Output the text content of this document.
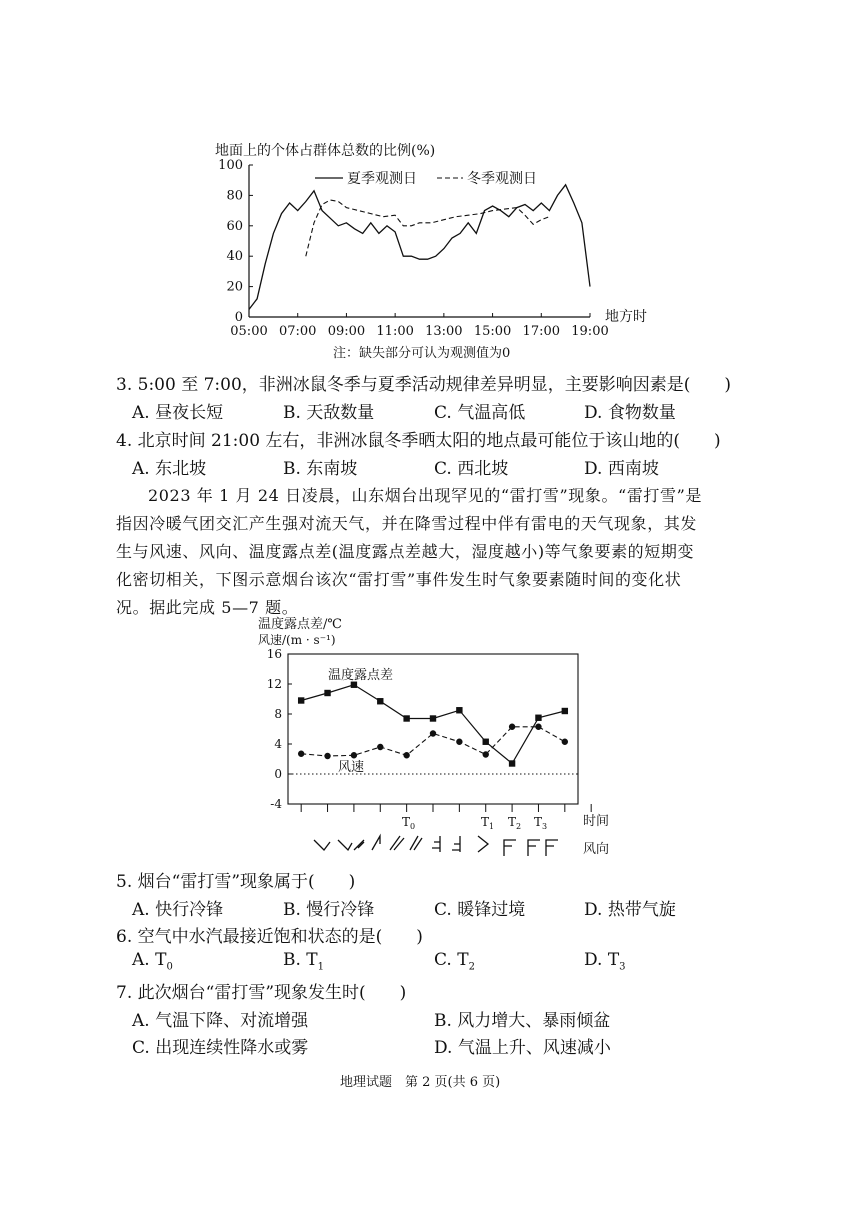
地面上的个体占群体总数的比例(%)
0
20
40
60
80
100
05:00 07:00 09:00 11:00 13:00 15:00 17:00 19:00
夏季观测日	冬季观测日
地方时
注：缺失部分可认为观测值为0
3. 5:00 至 7:00，非洲冰鼠冬季与夏季活动规律差异明显，主要影响因素是(　　)
A. 昼夜长短	B. 天敌数量	C. 气温高低	D. 食物数量
4. 北京时间 21:00 左右，非洲冰鼠冬季晒太阳的地点最可能位于该山地的(　　)
A. 东北坡	B. 东南坡	C. 西北坡	D. 西南坡
2023 年 1 月 24 日凌晨，山东烟台出现罕见的“雷打雪”现象。“雷打雪”是
指因冷暖气团交汇产生强对流天气，并在降雪过程中伴有雷电的天气现象，其发
生与风速、风向、温度露点差(温度露点差越大，湿度越小)等气象要素的短期变
化密切相关，下图示意烟台该次“雷打雪”事件发生时气象要素随时间的变化状
况。据此完成 5—7 题。
温度露点差/℃
风速/(m · s⁻¹)
16
12
8
4
0
-4
温度露点差
风速
$T_0$	$T_1$ $T_2$ $T_3$	时间
风向
5. 烟台“雷打雪”现象属于(　　)
A. 快行冷锋	B. 慢行冷锋	C. 暖锋过境	D. 热带气旋
6. 空气中水汽最接近饱和状态的是(　　)
A. $T_0$	B. $T_1$	C. $T_2$	D. $T_3$
7. 此次烟台“雷打雪”现象发生时(　　)
A. 气温下降、对流增强	B. 风力增大、暴雨倾盆
C. 出现连续性降水或雾	D. 气温上升、风速减小
地理试题　第 2 页(共 6 页)
